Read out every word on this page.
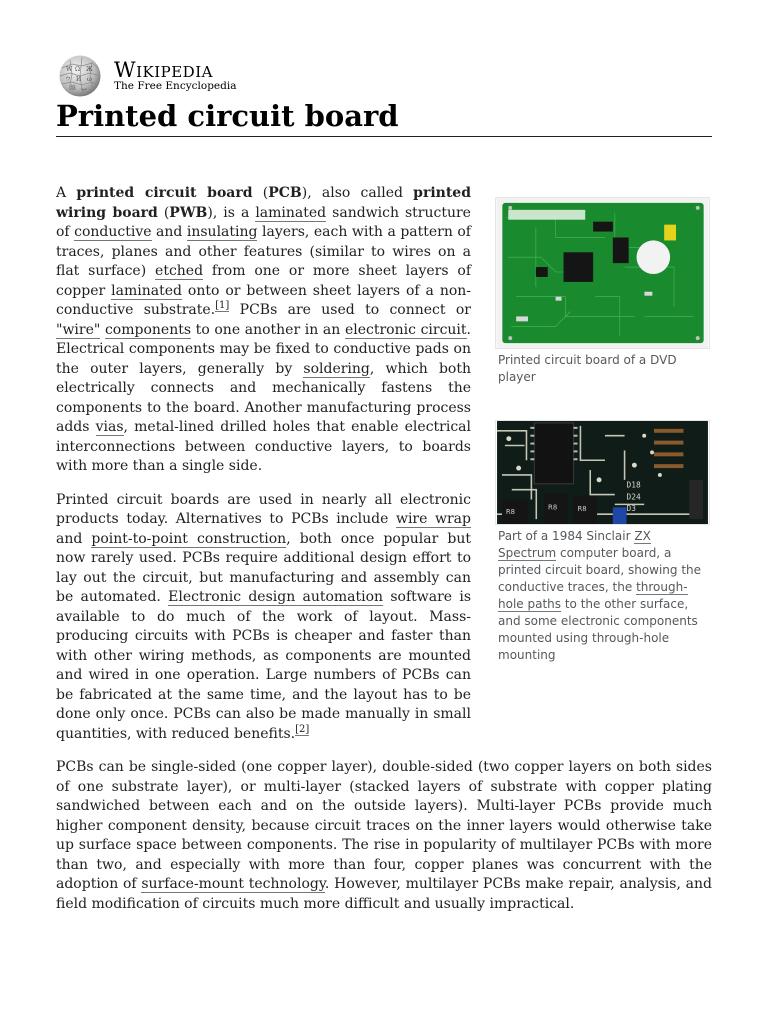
W Ω Ж
ウ И ω
維 ب
Wikipedia
The Free Encyclopedia
Printed circuit board

A printed circuit board (PCB), also called printed wiring board (PWB), is a laminated sandwich structure of conductive and insulating layers, each with a pattern of traces, planes and other features (similar to wires on a flat surface) etched from one or more sheet layers of copper laminated onto or between sheet layers of a non-conductive substrate.[1] PCBs are used to connect or "wire" components to one another in an electronic circuit. Electrical components may be fixed to conductive pads on the outer layers, generally by soldering, which both electrically connects and mechanically fastens the components to the board. Another manufacturing process adds vias, metal-lined drilled holes that enable electrical interconnections between conductive layers, to boards with more than a single side.

Printed circuit boards are used in nearly all electronic products today. Alternatives to PCBs include wire wrap and point-to-point construction, both once popular but now rarely used. PCBs require additional design effort to lay out the circuit, but manufacturing and assembly can be automated. Electronic design automation software is available to do much of the work of layout. Mass-producing circuits with PCBs is cheaper and faster than with other wiring methods, as components are mounted and wired in one operation. Large numbers of PCBs can be fabricated at the same time, and the layout has to be done only once. PCBs can also be made manually in small quantities, with reduced benefits.[2]

PCBs can be single-sided (one copper layer), double-sided (two copper layers on both sides of one substrate layer), or multi-layer (stacked layers of substrate with copper plating sandwiched between each and on the outside layers). Multi-layer PCBs provide much higher component density, because circuit traces on the inner layers would otherwise take up surface space between components. The rise in popularity of multilayer PCBs with more than two, and especially with more than four, copper planes was concurrent with the adoption of surface-mount technology. However, multilayer PCBs make repair, analysis, and field modification of circuits much more difficult and usually impractical.

Printed circuit board of a DVD player
D18
D24
D3
R8	R8
R8
Part of a 1984 Sinclair ZX Spectrum computer board, a printed circuit board, showing the conductive traces, the through-hole paths to the other surface, and some electronic components mounted using through-hole mounting
